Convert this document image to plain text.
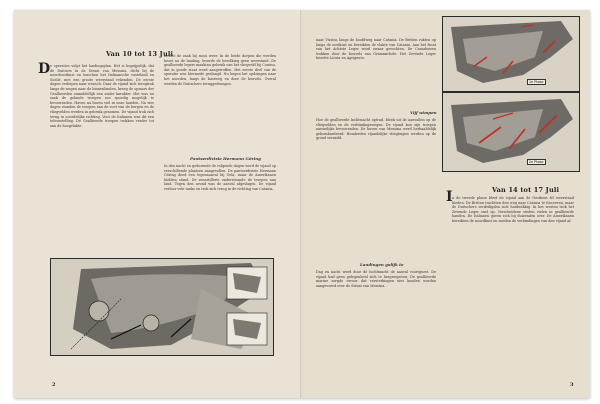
Van 10 tot 13 Juli
D e operaties volgt het landingsplan. Het is begrijpelijk, dat de Duitsers in de Straat van Messina, dicht bij de noordoostkust en tusschen het Italiaansche vasteland en Sicilië, met een groote weerstand rekenden. De eerste dagen verliepen naar wensch. Daar de vijand zich terugtrok langs de wegen naar de binnenlanden, kreeg de opmars der Geallieerden onmiddellijk een ander karakter. Het was nu zaak de gelande troepen zoo spoedig mogelijk te bevoorraden. Haven na haven viel in onze handen. Na vier dagen stonden de troepen aan de voet van de bergen en de vliegvelden werden in gebruik genomen. De vijand trok zich terug in noordelijke richting. Voor de Italianen was dit een teleurstelling. De Geallieerde troepen trokken verder tot aan de hoogvlakte.
beslist de zaak bij mooi weer. In de beide dorpen die werden bezet na de landing, leverde de bevolking geen weerstand. De geallieerde legers maakten gebruik van het vliegveld bij Comiso, dat in goede staat werd aangetroffen. Het eerste deel van de operatie was hiermede geslaagd. Nu begon het opdringen naar het noorden, langs de kustweg en door de heuvels. Overal werden de Duitschers teruggedrongen.
Pantserdivisie Hermann Göring
In den nacht en gedurende de volgende dagen werd de vijand op verschillende plaatsen aangevallen. De pantserdivisie Hermann Göring deed een tegenaanval bij Gela, maar de Amerikanen hielden stand. De zeeartillerie ondersteunde de troepen aan land. Tegen den avond was de aanval afgeslagen. De vijand verloor vele tanks en trok zich terug in de richting van Catania.
2
naar Vizzini, langs de hoofdweg naar Catania. De Britten rukten op langs de oostkust en bereikten de vlakte van Catania. Aan het front van het Achtste Leger werd zwaar gevochten. De Canadeezen trokken door de heuvels van Grammichele. Het Zevende Leger bezette Licata en Agrigento.
Vijf wimpen
Hoe de geallieerde luchtmacht optrad, bleek uit de aanvallen op de vliegvelden en de verbindingswegen. De vijand kon zijn troepen nauwelijks bevoorraden. De haven van Messina werd herhaaldelijk gebombardeerd. Honderden vijandelijke vliegtuigen werden op de grond vernield.
Landingen gelijk te
Dag en nacht werd door de luchtmacht de aanval voortgezet. De vijand had geen gelegenheid zich te hergroeperen. De geallieerde marine zorgde ervoor dat versterkingen niet konden worden aangevoerd over de Straat van Messina.
1e Phase
2e Phase
Van 14 tot 17 Juli
I n de tweede phase bleef de vijand aan de Oostkust fel weerstand bieden. De Britten trachtten den weg naar Catania te forceeren, maar de Duitschers verdedigden zich hardnekkig. In het westen trok het Zevende Leger snel op. Verscheidene steden vielen in geallieerde handen. De Italianen gaven zich bij duizenden over. De Amerikanen bereikten de noordkust en sneden de verbindingen van den vijand af.
3
